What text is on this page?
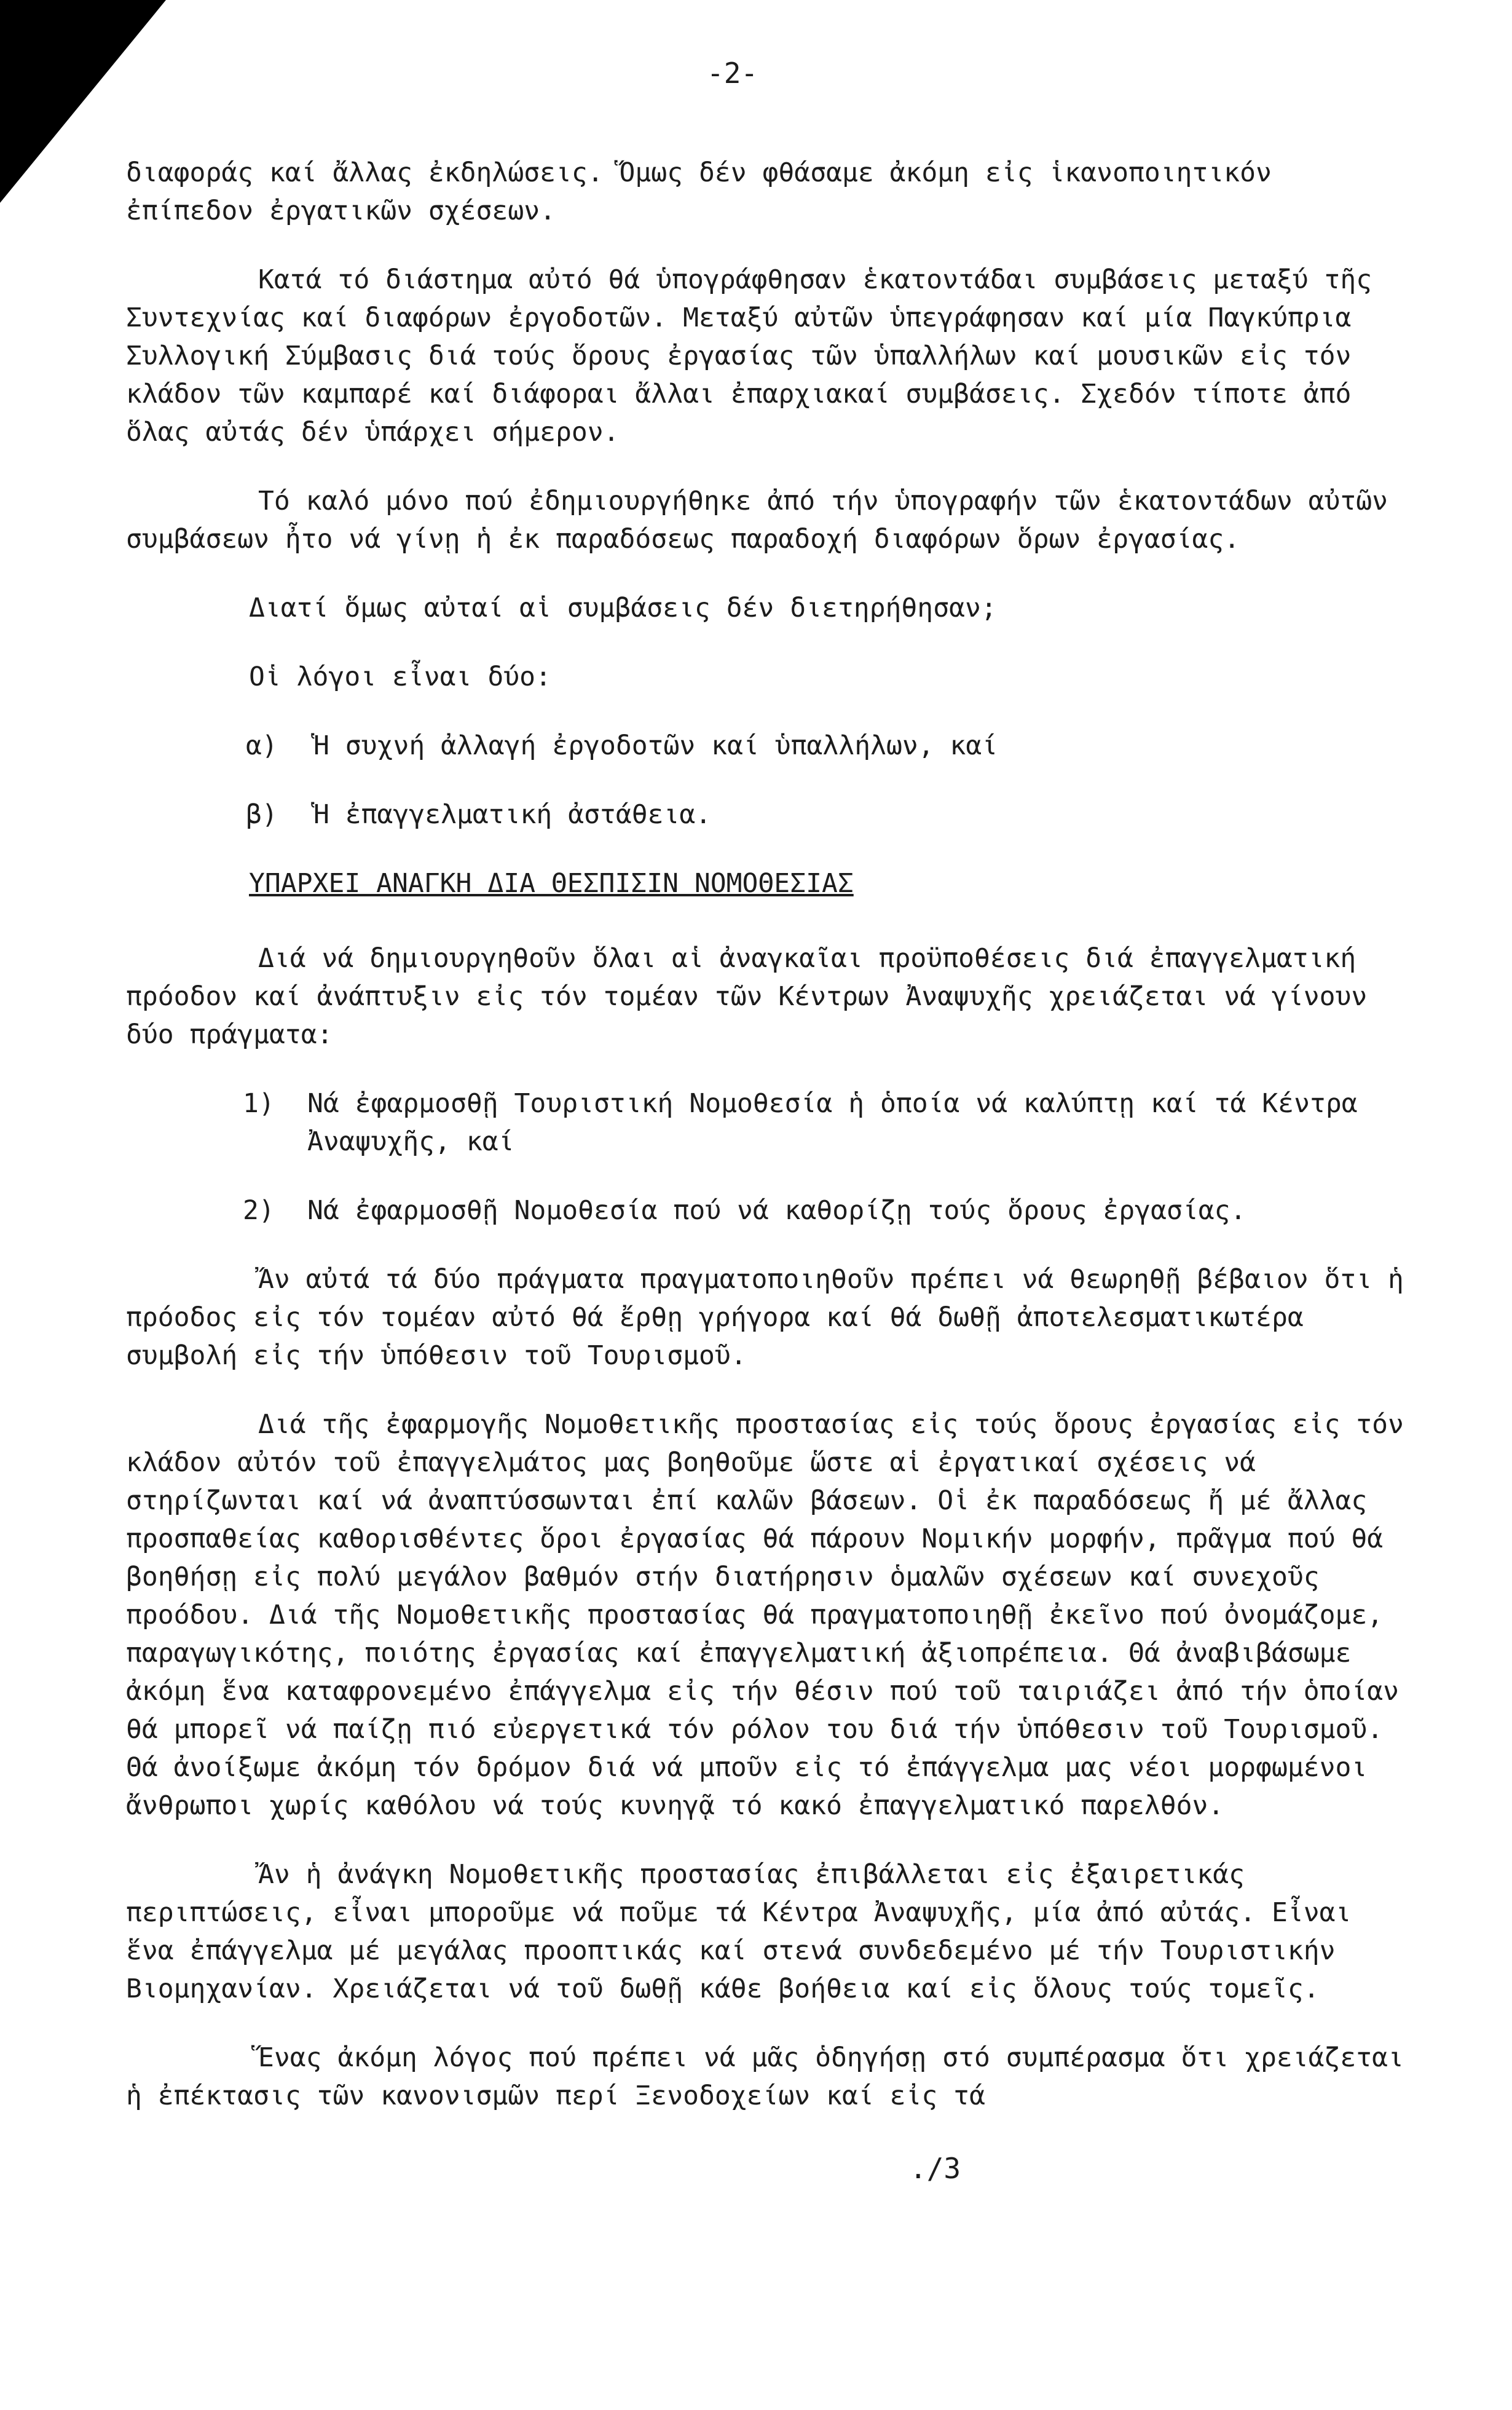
-2-

διαφοράς καί ἄλλας ἐκδηλώσεις. Ὅμως δέν φθάσαμε ἀκόμη εἰς ἱκανοποιητικόν ἐπίπεδον ἐργατικῶν σχέσεων.

Κατά τό διάστημα αὐτό θά ὑπογράφθησαν ἑκατοντάδαι συμβάσεις μεταξύ τῆς Συντεχνίας καί διαφόρων ἐργοδοτῶν. Μεταξύ αὐτῶν ὑπεγράφησαν καί μία Παγκύπρια Συλλογική Σύμβασις διά τούς ὅρους ἐργασίας τῶν ὑπαλλήλων καί μουσικῶν εἰς τόν κλάδον τῶν καμπαρέ καί διάφοραι ἄλλαι ἐπαρχιακαί συμβάσεις. Σχεδόν τίποτε ἀπό ὅλας αὐτάς δέν ὑπάρχει σήμερον.

Τό καλό μόνο πού ἐδημιουργήθηκε ἀπό τήν ὑπογραφήν τῶν ἑκατοντάδων αὐτῶν συμβάσεων ἦτο νά γίνῃ ἡ ἐκ παραδόσεως παραδοχή διαφόρων ὅρων ἐργασίας.

Διατί ὅμως αὐταί αἱ συμβάσεις δέν διετηρήθησαν;

Οἱ λόγοι εἶναι δύο:

α)	Ἡ συχνή ἀλλαγή ἐργοδοτῶν καί ὑπαλλήλων, καί
β)	Ἡ ἐπαγγελματική ἀστάθεια.

ΥΠΑΡΧΕΙ ΑΝΑΓΚΗ ΔΙΑ ΘΕΣΠΙΣΙΝ ΝΟΜΟΘΕΣΙΑΣ

Διά νά δημιουργηθοῦν ὅλαι αἱ ἀναγκαῖαι προϋποθέσεις διά ἐπαγγελματική πρόοδον καί ἀνάπτυξιν εἰς τόν τομέαν τῶν Κέντρων Ἀναψυχῆς χρειάζεται νά γίνουν δύο πράγματα:

1)	Νά ἐφαρμοσθῇ Τουριστική Νομοθεσία ἡ ὁποία νά καλύπτῃ καί τά Κέντρα Ἀναψυχῆς, καί
2)	Νά ἐφαρμοσθῇ Νομοθεσία πού νά καθορίζῃ τούς ὅρους ἐργασίας.

Ἄν αὐτά τά δύο πράγματα πραγματοποιηθοῦν πρέπει νά θεωρηθῇ βέβαιον ὅτι ἡ πρόοδος εἰς τόν τομέαν αὐτό θά ἔρθῃ γρήγορα καί θά δωθῇ ἀποτελεσματικωτέρα συμβολή εἰς τήν ὑπόθεσιν τοῦ Τουρισμοῦ.

Διά τῆς ἐφαρμογῆς Νομοθετικῆς προστασίας εἰς τούς ὅρους ἐργασίας εἰς τόν κλάδον αὐτόν τοῦ ἐπαγγελμάτος μας βοηθοῦμε ὥστε αἱ ἐργατικαί σχέσεις νά στηρίζωνται καί νά ἀναπτύσσωνται ἐπί καλῶν βάσεων. Οἱ ἐκ παραδόσεως ἤ μέ ἄλλας προσπαθείας καθορισθέντες ὅροι ἐργασίας θά πάρουν Νομικήν μορφήν, πρᾶγμα πού θά βοηθήσῃ εἰς πολύ μεγάλον βαθμόν στήν διατήρησιν ὁμαλῶν σχέσεων καί συνεχοῦς προόδου. Διά τῆς Νομοθετικῆς προστασίας θά πραγματοποιηθῇ ἐκεῖνο πού ὀνομάζομε, παραγωγικότης, ποιότης ἐργασίας καί ἐπαγγελματική ἀξιοπρέπεια. Θά ἀναβιβάσωμε ἀκόμη ἕνα καταφρονεμένο ἐπάγγελμα εἰς τήν θέσιν πού τοῦ ταιριάζει ἀπό τήν ὁποίαν θά μπορεῖ νά παίζῃ πιό εὐεργετικά τόν ρόλον του διά τήν ὑπόθεσιν τοῦ Τουρισμοῦ. Θά ἀνοίξωμε ἀκόμη τόν δρόμον διά νά μποῦν εἰς τό ἐπάγγελμα μας νέοι μορφωμένοι ἄνθρωποι χωρίς καθόλου νά τούς κυνηγᾷ τό κακό ἐπαγγελματικό παρελθόν.

Ἄν ἡ ἀνάγκη Νομοθετικῆς προστασίας ἐπιβάλλεται εἰς ἐξαιρετικάς περιπτώσεις, εἶναι μποροῦμε νά ποῦμε τά Κέντρα Ἀναψυχῆς, μία ἀπό αὐτάς. Εἶναι ἕνα ἐπάγγελμα μέ μεγάλας προοπτικάς καί στενά συνδεδεμένο μέ τήν Τουριστικήν Βιομηχανίαν. Χρειάζεται νά τοῦ δωθῇ κάθε βοήθεια καί εἰς ὅλους τούς τομεῖς.

Ἕνας ἀκόμη λόγος πού πρέπει νά μᾶς ὁδηγήσῃ στό συμπέρασμα ὅτι χρειάζεται ἡ ἐπέκτασις τῶν κανονισμῶν περί Ξενοδοχείων καί εἰς τά

./3
